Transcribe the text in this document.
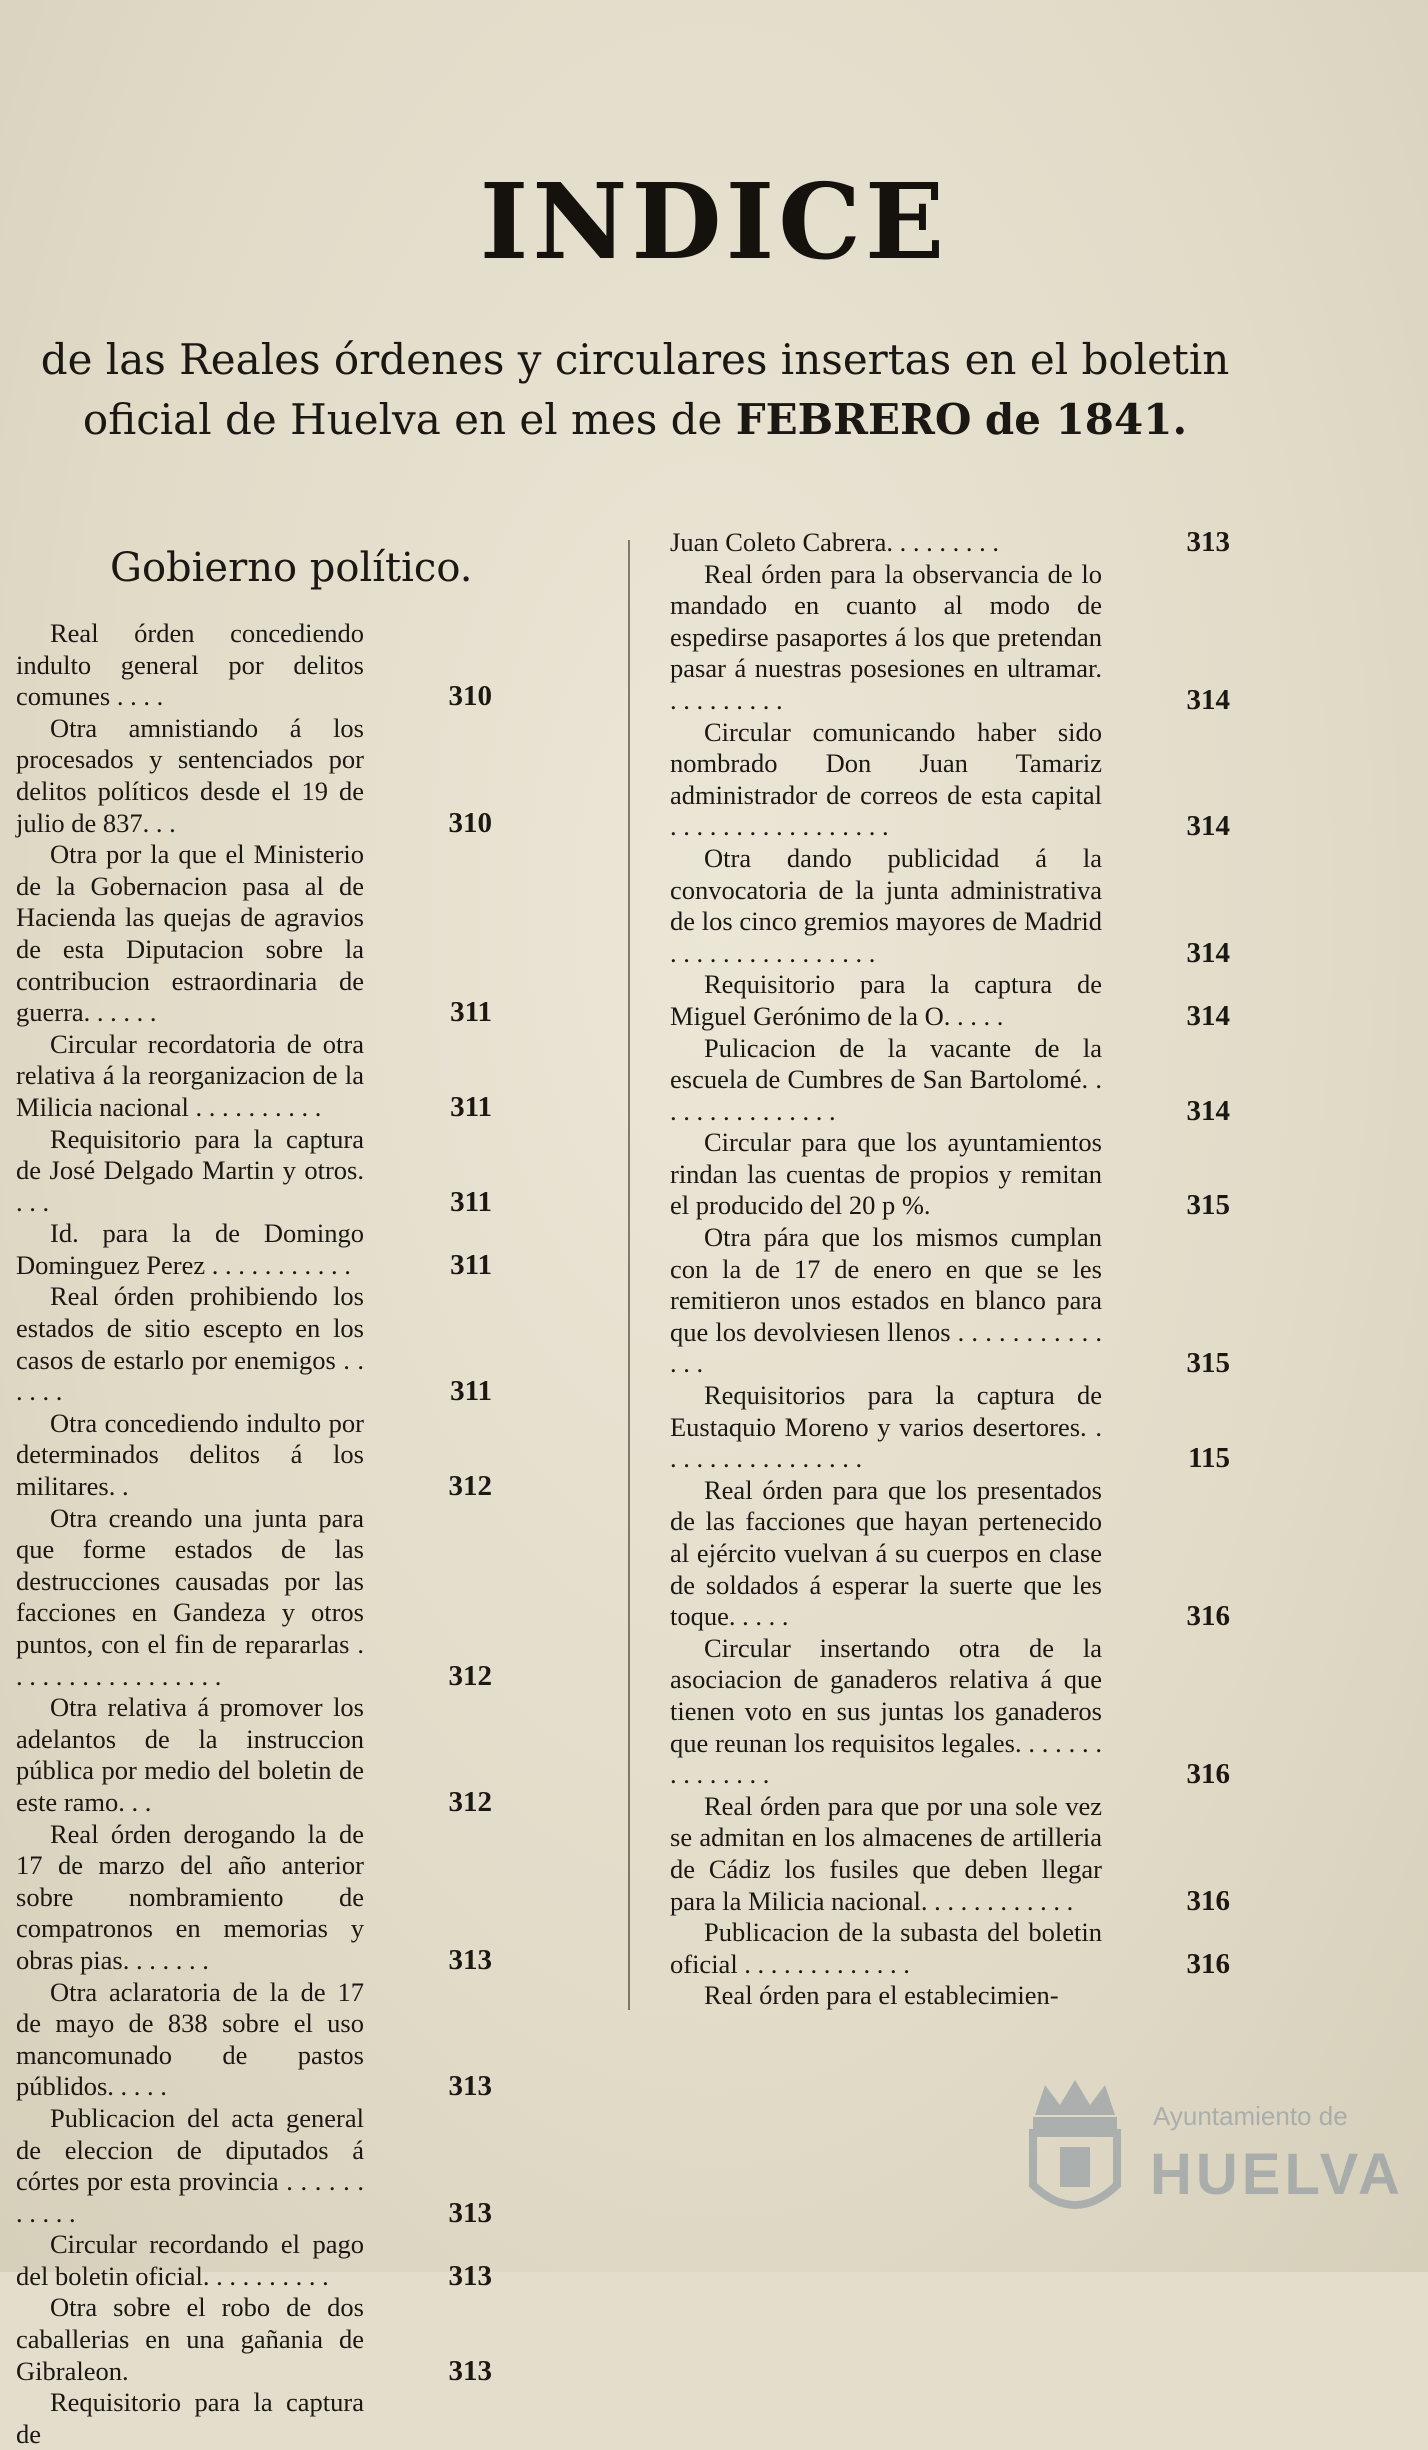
INDICE

de las Reales órdenes y circulares insertas en el boletin oficial de Huelva en el mes de FEBRERO de 1841.

Gobierno político.

Real órden concediendo indulto general por delitos comunes . . . .	310

Otra amnistiando á los procesados y sentenciados por delitos políticos desde el 19 de julio de 837. . .	310

Otra por la que el Ministerio de la Gobernacion pasa al de Hacienda las quejas de agravios de esta Diputacion sobre la contribucion estraordinaria de guerra. . . . . .	311

Circular recordatoria de otra relativa á la reorganizacion de la Milicia nacional . . . . . . . . . .	311

Requisitorio para la captura de José Delgado Martin y otros. . . .	311

Id. para la de Domingo Dominguez Perez . . . . . . . . . . .	311

Real órden prohibiendo los estados de sitio escepto en los casos de estarlo por enemigos . . . . . .	311

Otra concediendo indulto por determinados delitos á los militares. .	312

Otra creando una junta para que forme estados de las destrucciones causadas por las facciones en Gandeza y otros puntos, con el fin de repararlas . . . . . . . . . . . . . . . . .	312

Otra relativa á promover los adelantos de la instruccion pública por medio del boletin de este ramo. . .	312

Real órden derogando la de 17 de marzo del año anterior sobre nombramiento de compatronos en memorias y obras pias. . . . . . .	313

Otra aclaratoria de la de 17 de mayo de 838 sobre el uso mancomunado de pastos públidos. . . . .	313

Publicacion del acta general de eleccion de diputados á córtes por esta provincia . . . . . . . . . . .	313

Circular recordando el pago del boletin oficial. . . . . . . . . .	313

Otra sobre el robo de dos caballerias en una gañania de Gibraleon.	313

Requisitorio para la captura de

Juan Coleto Cabrera. . . . . . . . .	313

Real órden para la observancia de lo mandado en cuanto al modo de espedirse pasaportes á los que pretendan pasar á nuestras posesiones en ultramar. . . . . . . . . .	314

Circular comunicando haber sido nombrado Don Juan Tamariz administrador de correos de esta capital . . . . . . . . . . . . . . . . .	314

Otra dando publicidad á la convocatoria de la junta administrativa de los cinco gremios mayores de Madrid . . . . . . . . . . . . . . . .	314

Requisitorio para la captura de Miguel Gerónimo de la O. . . . .	314

Pulicacion de la vacante de la escuela de Cumbres de San Bartolomé. . . . . . . . . . . . . . .	314

Circular para que los ayuntamientos rindan las cuentas de propios y remitan el producido del 20 p %.	315

Otra pára que los mismos cumplan con la de 17 de enero en que se les remitieron unos estados en blanco para que los devolviesen llenos . . . . . . . . . . . . . .	315

Requisitorios para la captura de Eustaquio Moreno y varios desertores. . . . . . . . . . . . . . . . .	115

Real órden para que los presentados de las facciones que hayan pertenecido al ejército vuelvan á su cuerpos en clase de soldados á esperar la suerte que les toque. . . . .	316

Circular insertando otra de la asociacion de ganaderos relativa á que tienen voto en sus juntas los ganaderos que reunan los requisitos legales. . . . . . . . . . . . . . .	316

Real órden para que por una sole vez se admitan en los almacenes de artilleria de Cádiz los fusiles que deben llegar para la Milicia nacional. . . . . . . . . . . .	316

Publicacion de la subasta del boletin oficial . . . . . . . . . . . . .	316

Real órden para el establecimien-

Ayuntamiento de
HUELVA
